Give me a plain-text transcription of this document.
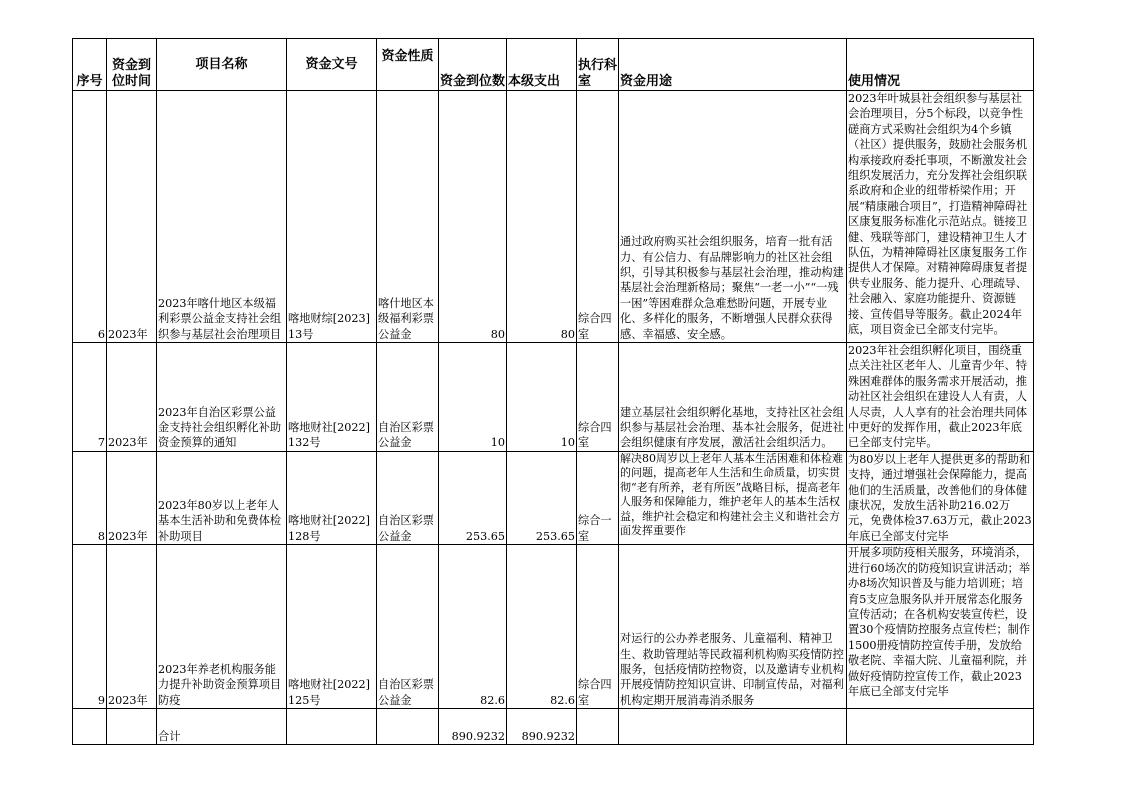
序号	资金到位时间	项目名称	资金文号	资金性质	资金到位数	本级支出	执行科室	资金用途	使用情况
6	2023年	2023年喀什地区本级福利彩票公益金支持社会组织参与基层社会治理项目	喀地财综[2023]13号	喀什地区本级福利彩票公益金	80	80	综合四室	通过政府购买社会组织服务，培育一批有活力、有公信力、有品牌影响力的社区社会组织，引导其积极参与基层社会治理，推动构建基层社会治理新格局；聚焦“一老一小”“一残一困”等困难群众急难愁盼问题，开展专业化、多样化的服务，不断增强人民群众获得感、幸福感、安全感。	2023年叶城县社会组织参与基层社会治理项目，分5个标段，以竞争性磋商方式采购社会组织为4个乡镇（社区）提供服务，鼓励社会服务机构承接政府委托事项，不断激发社会组织发展活力，充分发挥社会组织联系政府和企业的纽带桥梁作用；开展“精康融合项目”，打造精神障碍社区康复服务标准化示范站点。链接卫健、残联等部门，建设精神卫生人才队伍，为精神障碍社区康复服务工作提供人才保障。对精神障碍康复者提供专业服务、能力提升、心理疏导、社会融入、家庭功能提升、资源链接、宣传倡导等服务。截止2024年底，项目资金已全部支付完毕。
7	2023年	2023年自治区彩票公益金支持社会组织孵化补助资金预算的通知	喀地财社[2022]132号	自治区彩票公益金	10	10	综合四室	建立基层社会组织孵化基地，支持社区社会组织参与基层社会治理、基本社会服务，促进社会组织健康有序发展，激活社会组织活力。	2023年社会组织孵化项目，围绕重点关注社区老年人、儿童青少年、特殊困难群体的服务需求开展活动，推动社区社会组织在建设人人有责，人人尽责，人人享有的社会治理共同体中更好的发挥作用，截止2023年底已全部支付完毕。
8	2023年	2023年80岁以上老年人基本生活补助和免费体检补助项目	喀地财社[2022]128号	自治区彩票公益金	253.65	253.65	综合一室	解决80周岁以上老年人基本生活困难和体检难的问题，提高老年人生活和生命质量，切实贯彻“老有所养，老有所医”战略目标，提高老年人服务和保障能力，维护老年人的基本生活权益，维护社会稳定和构建社会主义和谐社会方面发挥重要作	为80岁以上老年人提供更多的帮助和支持，通过增强社会保障能力，提高他们的生活质量，改善他们的身体健康状况，发放生活补助216.02万元，免费体检37.63万元，截止2023年底已全部支付完毕
9	2023年	2023年养老机构服务能力提升补助资金预算项目 防疫	喀地财社[2022]125号	自治区彩票公益金	82.6	82.6	综合四室	对运行的公办养老服务、儿童福利、精神卫生、救助管理站等民政福利机构购买疫情防控服务，包括疫情防控物资，以及邀请专业机构开展疫情防控知识宣讲、印制宣传品，对福利机构定期开展消毒消杀服务	开展多项防疫相关服务，环境消杀，进行60场次的防疫知识宣讲活动；举办8场次知识普及与能力培训班；培育5支应急服务队并开展常态化服务宣传活动；在各机构安装宣传栏，设置30个疫情防控服务点宣传栏；制作1500册疫情防控宣传手册，发放给敬老院、幸福大院、儿童福利院，并做好疫情防控宣传工作，截止2023年底已全部支付完毕
		合计			890.9232	890.9232			
